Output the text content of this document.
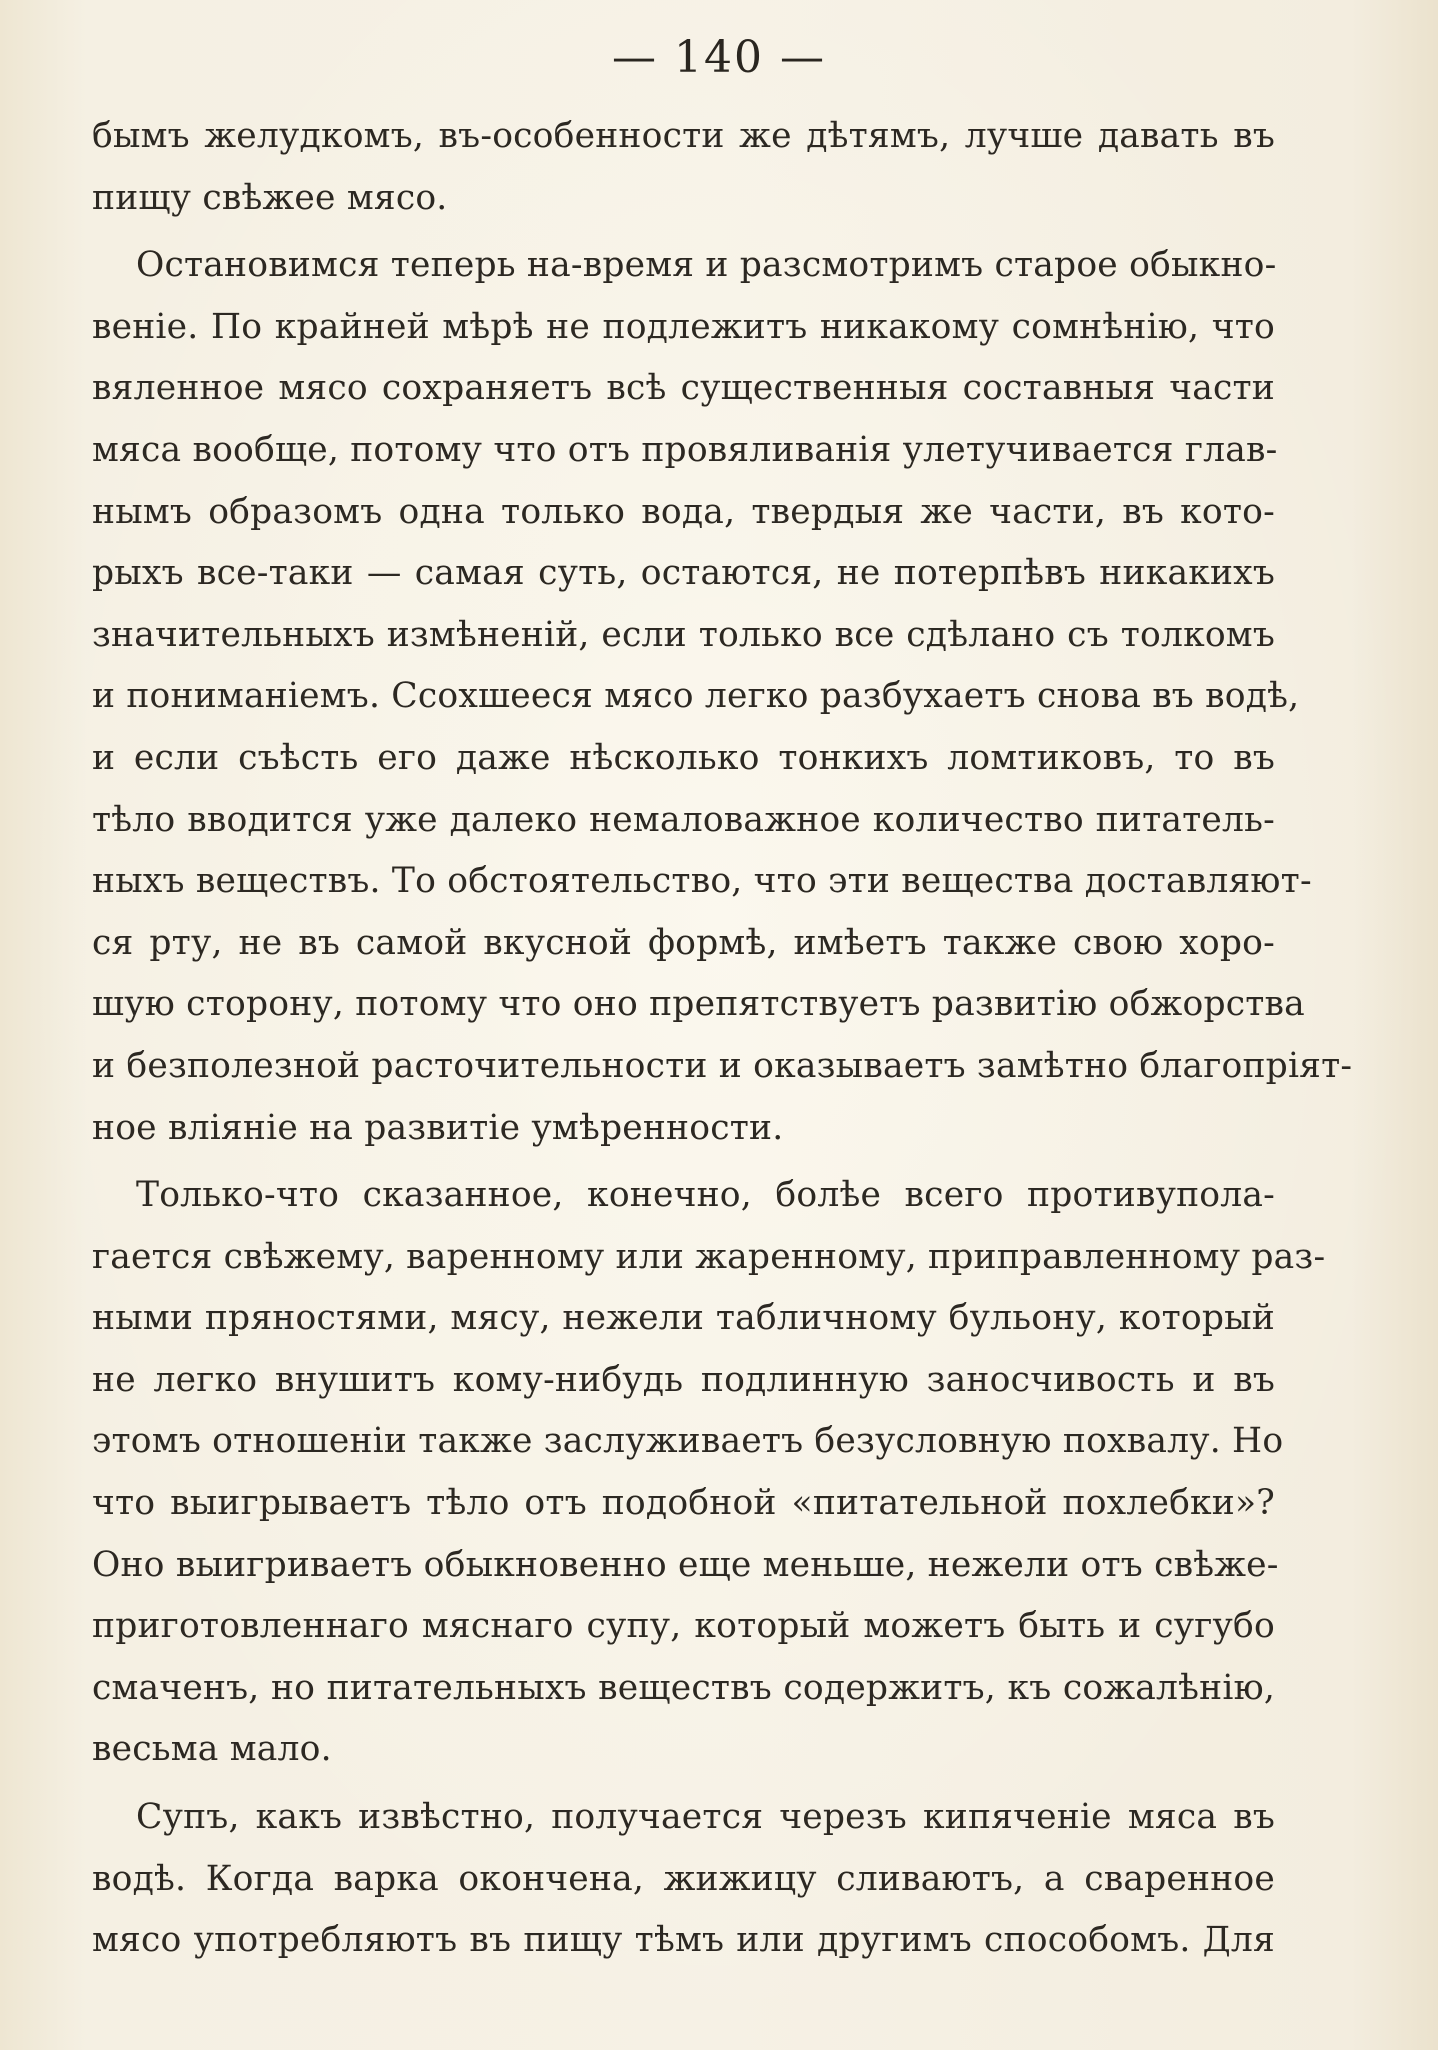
— 140 —
бымъ желудкомъ, въ-особенности же дѣтямъ, лучше давать въ
пищу свѣжее мясо.
Остановимся теперь на-время и разсмотримъ старое обыкно-
веніе. По крайней мѣрѣ не подлежитъ никакому сомнѣнію, что
вяленное мясо сохраняетъ всѣ существенныя составныя части
мяса вообще, потому что отъ провяливанія улетучивается глав-
нымъ образомъ одна только вода, твердыя же части, въ кото-
рыхъ все-таки — самая суть, остаются, не потерпѣвъ никакихъ
значительныхъ измѣненій, если только все сдѣлано съ толкомъ
и пониманіемъ. Ссохшееся мясо легко разбухаетъ снова въ водѣ,
и если съѣсть его даже нѣсколько тонкихъ ломтиковъ, то въ
тѣло вводится уже далеко немаловажное количество питатель-
ныхъ веществъ. То обстоятельство, что эти вещества доставляют-
ся рту, не въ самой вкусной формѣ, имѣетъ также свою хоро-
шую сторону, потому что оно препятствуетъ развитію обжорства
и безполезной расточительности и оказываетъ замѣтно благопріят-
ное вліяніе на развитіе умѣренности.
Только-что сказанное, конечно, болѣе всего противупола-
гается свѣжему, варенному или жаренному, приправленному раз-
ными пряностями, мясу, нежели табличному бульону, который
не легко внушитъ кому-нибудь подлинную заносчивость и въ
этомъ отношеніи также заслуживаетъ безусловную похвалу. Но
что выигрываетъ тѣло отъ подобной «питательной похлебки»?
Оно выигриваетъ обыкновенно еще меньше, нежели отъ свѣже-
приготовленнаго мяснаго супу, который можетъ быть и сугубо
смаченъ, но питательныхъ веществъ содержитъ, къ сожалѣнію,
весьма мало.
Супъ, какъ извѣстно, получается черезъ кипяченіе мяса въ
водѣ. Когда варка окончена, жижицу сливаютъ, а сваренное
мясо употребляютъ въ пищу тѣмъ или другимъ способомъ. Для
